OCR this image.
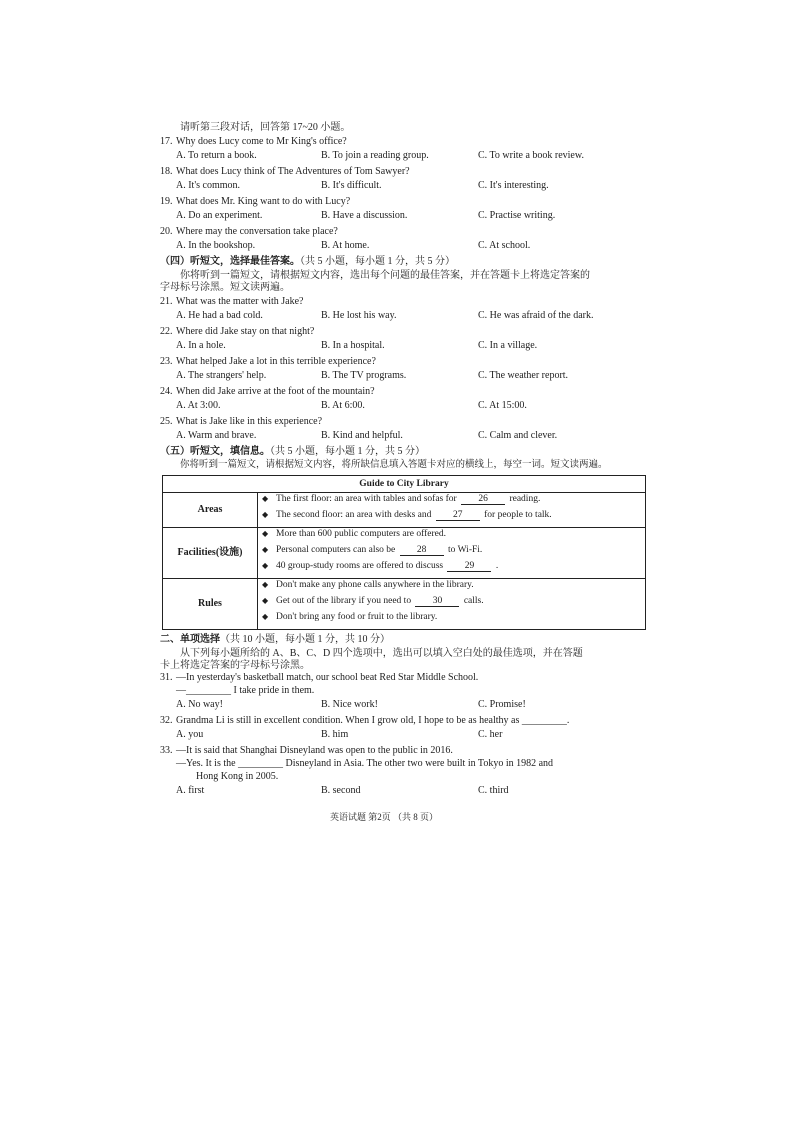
请听第三段对话，回答第 17~20 小题。
17. Why does Lucy come to Mr King's office?
A. To return a book.	B. To join a reading group.	C. To write a book review.
18. What does Lucy think of The Adventures of Tom Sawyer?
A. It's common.	B. It's difficult.	C. It's interesting.
19. What does Mr. King want to do with Lucy?
A. Do an experiment.	B. Have a discussion.	C. Practise writing.
20. Where may the conversation take place?
A. In the bookshop.	B. At home.	C. At school.
（四）听短文，选择最佳答案。（共 5 小题，每小题 1 分，共 5 分）
你将听到一篇短文，请根据短文内容，选出每个问题的最佳答案，并在答题卡上将选定答案的
字母标号涂黑。短文读两遍。
21. What was the matter with Jake?
A. He had a bad cold.	B. He lost his way.	C. He was afraid of the dark.
22. Where did Jake stay on that night?
A. In a hole.	B. In a hospital.	C. In a village.
23. What helped Jake a lot in this terrible experience?
A. The strangers' help.	B. The TV programs.	C. The weather report.
24. When did Jake arrive at the foot of the mountain?
A. At 3:00.	B. At 6:00.	C. At 15:00.
25. What is Jake like in this experience?
A. Warm and brave.	B. Kind and helpful.	C. Calm and clever.
（五）听短文，填信息。（共 5 小题，每小题 1 分，共 5 分）
你将听到一篇短文，请根据短文内容，将所缺信息填入答题卡对应的横线上，每空一词。短文读两遍。
Guide to City Library	
Areas	◆ The first floor: an area with tables and sofas for 26 reading.
◆ The second floor: an area with desks and 27 for people to talk.

Facilities(设施)	◆ More than 600 public computers are offered.
◆ Personal computers can also be 28 to Wi-Fi.
◆ 40 group-study rooms are offered to discuss 29 .

Rules	◆ Don't make any phone calls anywhere in the library.
◆ Get out of the library if you need to 30 calls.
◆ Don't bring any food or fruit to the library.
二、单项选择（共 10 小题，每小题 1 分，共 10 分）
从下列每小题所给的 A、B、C、D 四个选项中，选出可以填入空白处的最佳选项，并在答题
卡上将选定答案的字母标号涂黑。
31. —In yesterday's basketball match, our school beat Red Star Middle School.
—_________ I take pride in them.
A. No way!	B. Nice work!	C. Promise!
32. Grandma Li is still in excellent condition. When I grow old, I hope to be as healthy as _________.
A. you	B. him	C. her
33. —It is said that Shanghai Disneyland was open to the public in 2016.
—Yes. It is the _________ Disneyland in Asia. The other two were built in Tokyo in 1982 and
Hong Kong in 2005.
A. first	B. second	C. third
英语试题 第2页 （共 8 页）
